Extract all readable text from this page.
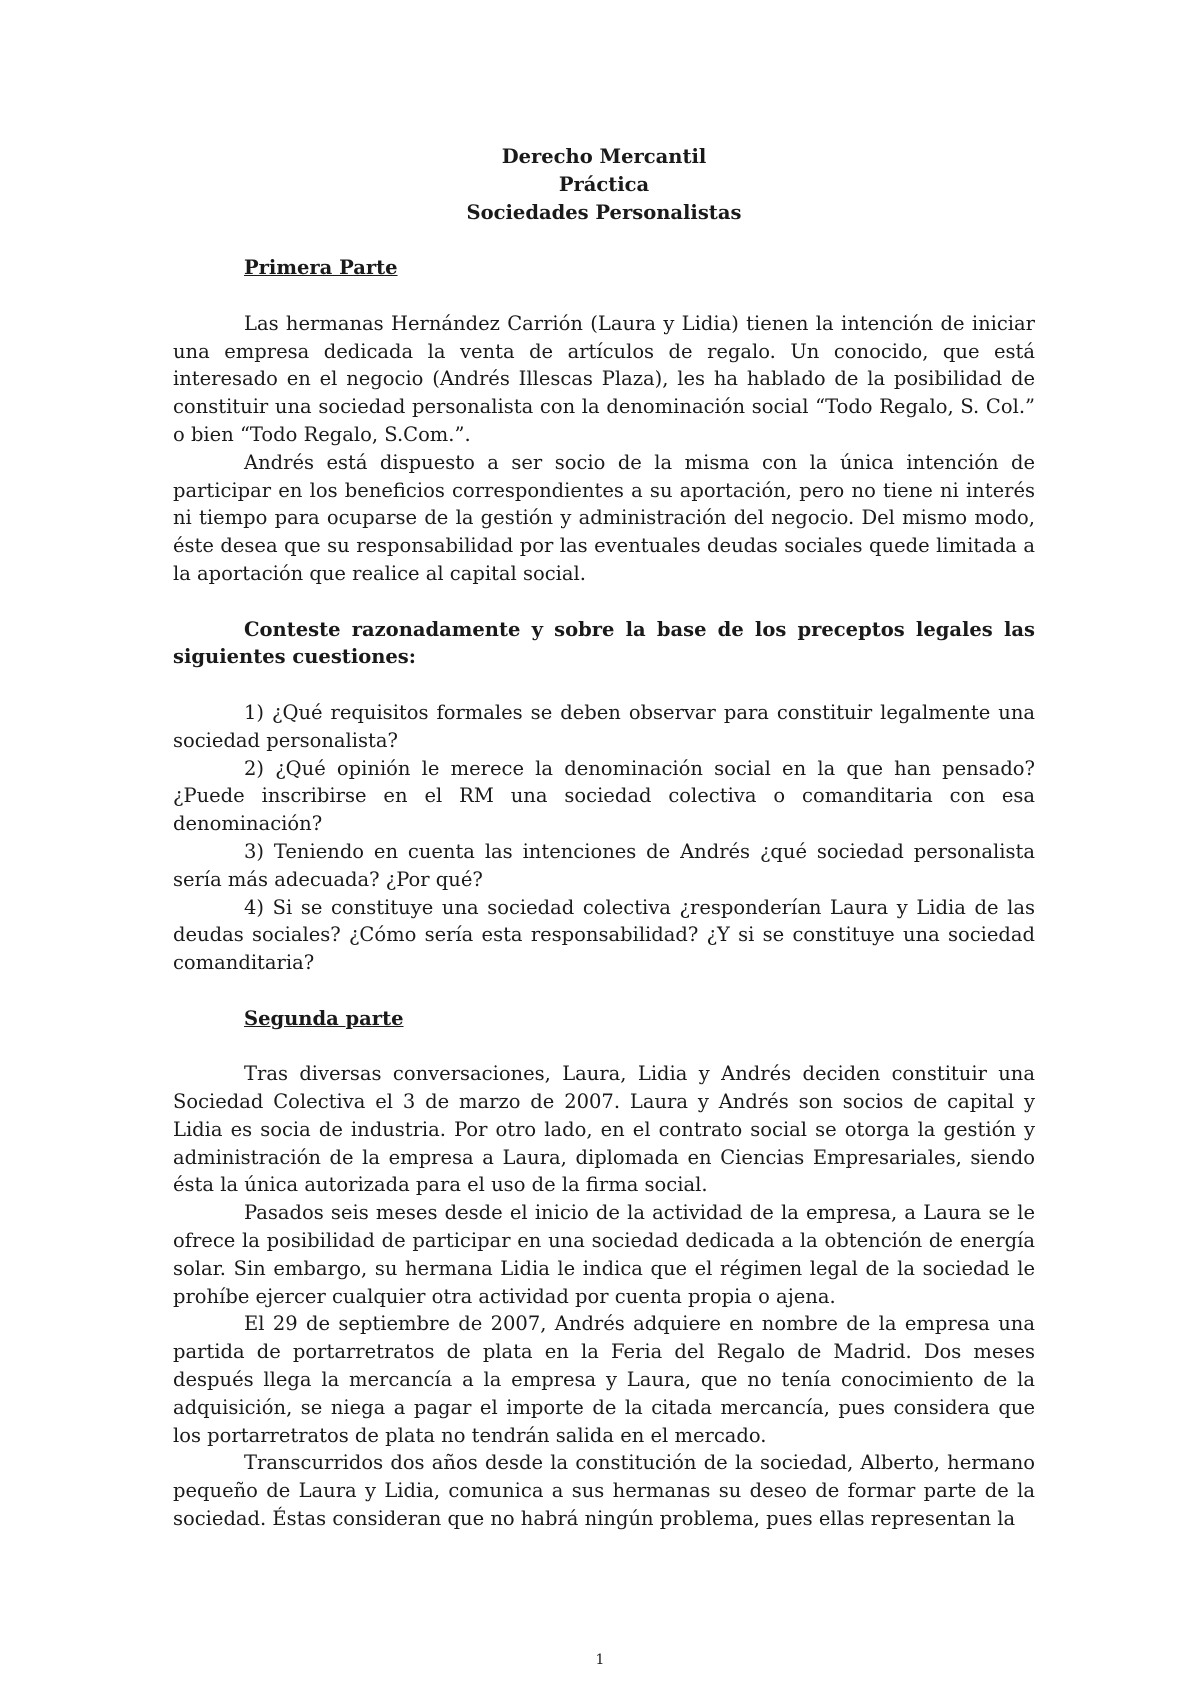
Derecho Mercantil
Práctica
Sociedades Personalistas
Primera Parte

Las hermanas Hernández Carrión (Laura y Lidia) tienen la intención de iniciar una empresa dedicada la venta de artículos de regalo. Un conocido, que está interesado en el negocio (Andrés Illescas Plaza), les ha hablado de la posibilidad de constituir una sociedad personalista con la denominación social “Todo Regalo, S. Col.” o bien “Todo Regalo, S.Com.”.

Andrés está dispuesto a ser socio de la misma con la única intención de participar en los beneficios correspondientes a su aportación, pero no tiene ni interés ni tiempo para ocuparse de la gestión y administración del negocio. Del mismo modo, éste desea que su responsabilidad por las eventuales deudas sociales quede limitada a la aportación que realice al capital social.

Conteste razonadamente y sobre la base de los preceptos legales las siguientes cuestiones:

1) ¿Qué requisitos formales se deben observar para constituir legalmente una sociedad personalista?

2) ¿Qué opinión le merece la denominación social en la que han pensado? ¿Puede inscribirse en el RM una sociedad colectiva o comanditaria con esa denominación?

3) Teniendo en cuenta las intenciones de Andrés ¿qué sociedad personalista sería más adecuada? ¿Por qué?

4) Si se constituye una sociedad colectiva ¿responderían Laura y Lidia de las deudas sociales? ¿Cómo sería esta responsabilidad? ¿Y si se constituye una sociedad comanditaria?

Segunda parte

Tras diversas conversaciones, Laura, Lidia y Andrés deciden constituir una Sociedad Colectiva el 3 de marzo de 2007. Laura y Andrés son socios de capital y Lidia es socia de industria. Por otro lado, en el contrato social se otorga la gestión y administración de la empresa a Laura, diplomada en Ciencias Empresariales, siendo ésta la única autorizada para el uso de la firma social.

Pasados seis meses desde el inicio de la actividad de la empresa, a Laura se le ofrece la posibilidad de participar en una sociedad dedicada a la obtención de energía solar. Sin embargo, su hermana Lidia le indica que el régimen legal de la sociedad le prohíbe ejercer cualquier otra actividad por cuenta propia o ajena.

El 29 de septiembre de 2007, Andrés adquiere en nombre de la empresa una partida de portarretratos de plata en la Feria del Regalo de Madrid. Dos meses después llega la mercancía a la empresa y Laura, que no tenía conocimiento de la adquisición, se niega a pagar el importe de la citada mercancía, pues considera que los portarretratos de plata no tendrán salida en el mercado.

Transcurridos dos años desde la constitución de la sociedad, Alberto, hermano pequeño de Laura y Lidia, comunica a sus hermanas su deseo de formar parte de la sociedad. Éstas consideran que no habrá ningún problema, pues ellas representan la

1
